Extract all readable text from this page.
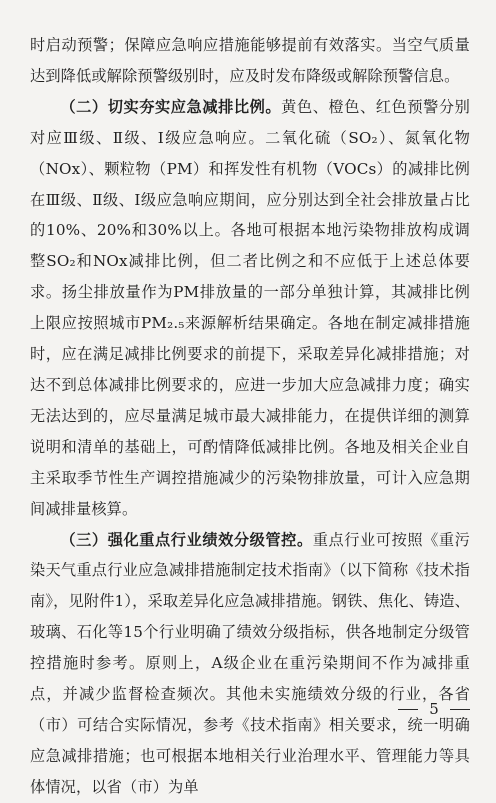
时启动预警；保障应急响应措施能够提前有效落实。当空气质量达到降低或解除预警级别时，应及时发布降级或解除预警信息。

（二）切实夯实应急减排比例。黄色、橙色、红色预警分别对应Ⅲ级、Ⅱ级、Ⅰ级应急响应。二氧化硫（SO₂）、氮氧化物（NOx）、颗粒物（PM）和挥发性有机物（VOCs）的减排比例在Ⅲ级、Ⅱ级、Ⅰ级应急响应期间，应分别达到全社会排放量占比的10%、20%和30%以上。各地可根据本地污染物排放构成调整SO₂和NOx减排比例，但二者比例之和不应低于上述总体要求。扬尘排放量作为PM排放量的一部分单独计算，其减排比例上限应按照城市PM₂.₅来源解析结果确定。各地在制定减排措施时，应在满足减排比例要求的前提下，采取差异化减排措施；对达不到总体减排比例要求的，应进一步加大应急减排力度；确实无法达到的，应尽量满足城市最大减排能力，在提供详细的测算说明和清单的基础上，可酌情降低减排比例。各地及相关企业自主采取季节性生产调控措施减少的污染物排放量，可计入应急期间减排量核算。

（三）强化重点行业绩效分级管控。重点行业可按照《重污染天气重点行业应急减排措施制定技术指南》（以下简称《技术指南》，见附件1），采取差异化应急减排措施。钢铁、焦化、铸造、玻璃、石化等15个行业明确了绩效分级指标，供各地制定分级管控措施时参考。原则上，A级企业在重污染期间不作为减排重点，并减少监督检查频次。其他未实施绩效分级的行业，各省（市）可结合实际情况，参考《技术指南》相关要求，统一明确应急减排措施；也可根据本地相关行业治理水平、管理能力等具体情况，以省（市）为单

5
